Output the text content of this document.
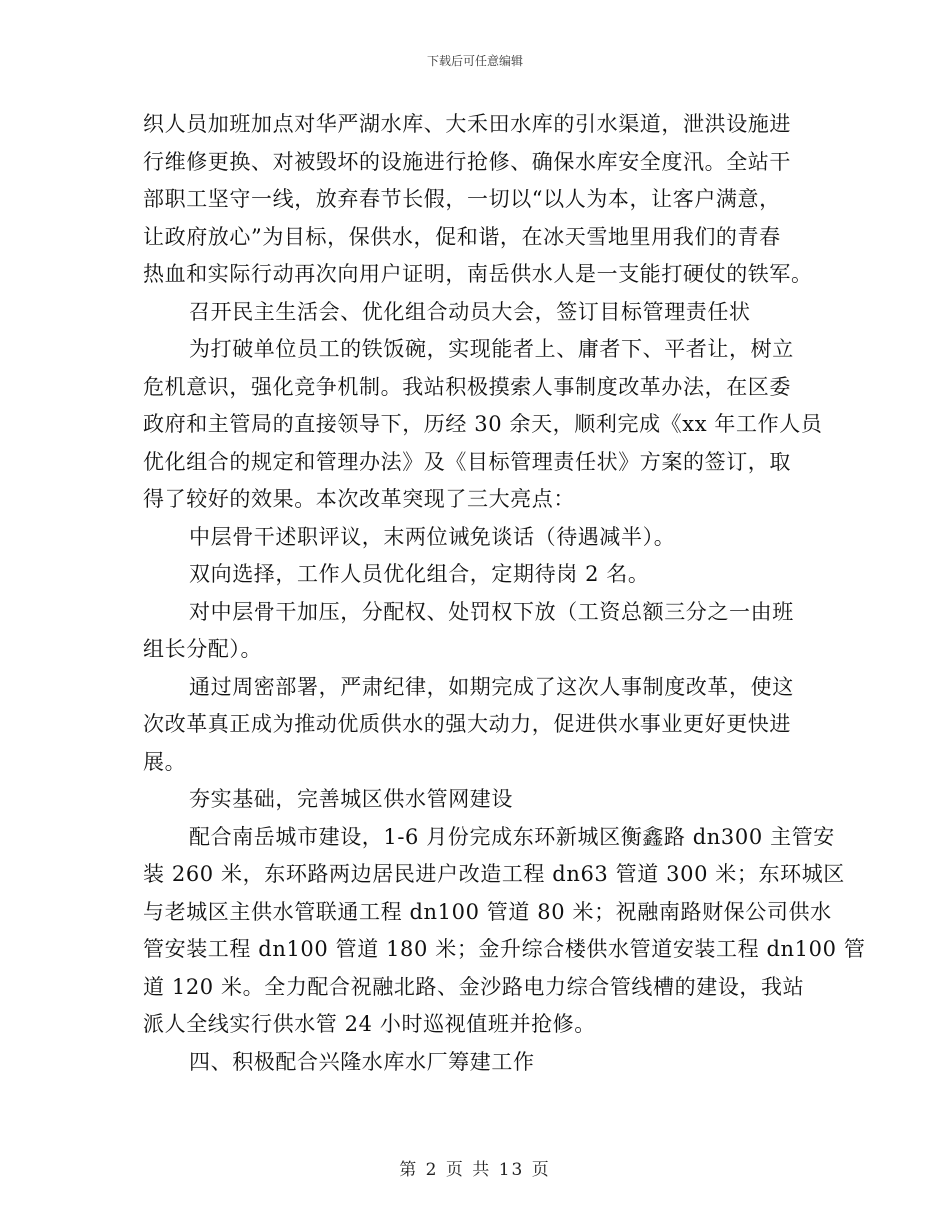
下载后可任意编辑
织人员加班加点对华严湖水库、大禾田水库的引水渠道，泄洪设施进
行维修更换、对被毁坏的设施进行抢修、确保水库安全度汛。全站干
部职工坚守一线，放弃春节长假，一切以“以人为本，让客户满意，
让政府放心”为目标，保供水，促和谐，在冰天雪地里用我们的青春
热血和实际行动再次向用户证明，南岳供水人是一支能打硬仗的铁军。
召开民主生活会、优化组合动员大会，签订目标管理责任状
为打破单位员工的铁饭碗，实现能者上、庸者下、平者让，树立
危机意识，强化竞争机制。我站积极摸索人事制度改革办法，在区委
政府和主管局的直接领导下，历经 30 余天，顺利完成《xx 年工作人员
优化组合的规定和管理办法》及《目标管理责任状》方案的签订，取
得了较好的效果。本次改革突现了三大亮点：
中层骨干述职评议，末两位诫免谈话（待遇减半）。
双向选择，工作人员优化组合，定期待岗 2 名。
对中层骨干加压，分配权、处罚权下放（工资总额三分之一由班
组长分配）。
通过周密部署，严肃纪律，如期完成了这次人事制度改革，使这
次改革真正成为推动优质供水的强大动力，促进供水事业更好更快进
展。
夯实基础，完善城区供水管网建设
配合南岳城市建设，1-6 月份完成东环新城区衡鑫路 dn300 主管安
装 260 米，东环路两边居民进户改造工程 dn63 管道 300 米；东环城区
与老城区主供水管联通工程 dn100 管道 80 米；祝融南路财保公司供水
管安装工程 dn100 管道 180 米；金升综合楼供水管道安装工程 dn100 管
道 120 米。全力配合祝融北路、金沙路电力综合管线槽的建设，我站
派人全线实行供水管 24 小时巡视值班并抢修。
四、积极配合兴隆水库水厂筹建工作
第 2 页 共 13 页
